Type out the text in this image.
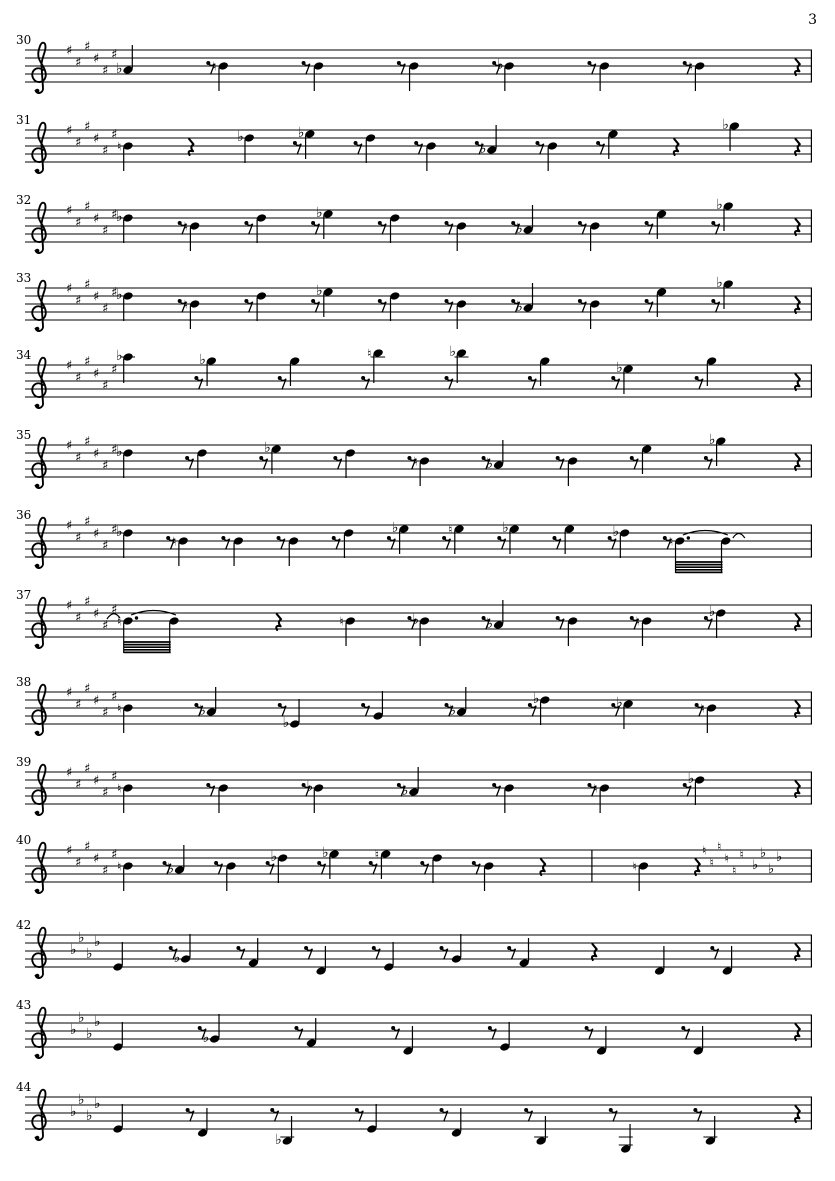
3
30
♯
♯
♯
♯
♯
♯
♭	♮	♭	♮
31
♯
♯
♯
♯
♯
♯
♮
♭	♭
♭
♭
32
♯
♯
♯
♯
♯
♯
♭
♮
♭
♭
♭
33
♯
♯
♯
♯
♯
♯
♭
♮
♭
♭
♭
34
♯
♯
♯
♯
♯
♯
♭	♭	♮	♭
♭
35
♯
♯
♯
♯
♯
♯
♭	♭
♮	♭
♭
36
♯
♯
♯
♯
♯
♯
♭
♮
♭	♮	♭	♭
♮
37
♯
♯
♯
♯
♯
♯
♮	♮	♭	♭	♮
♭
38
♯
♯
♯
♯
♯
♯
♮	♭
♭
♭
♭	♭	♮
39
♯
♯
♯
♯
♯
♯
♮	♭	♭	♮
♭
40
♯
♯
♯
♯
♯
♯
♮	♭
♭	♭	♮
♮
♮
♮
♮
♮
♮
♮
♭
♭
♭
♭
42
♭
♭
♭
♭
♭
43
♭
♭
♭
♭
♭
44
♭
♭
♭
♭
♭
